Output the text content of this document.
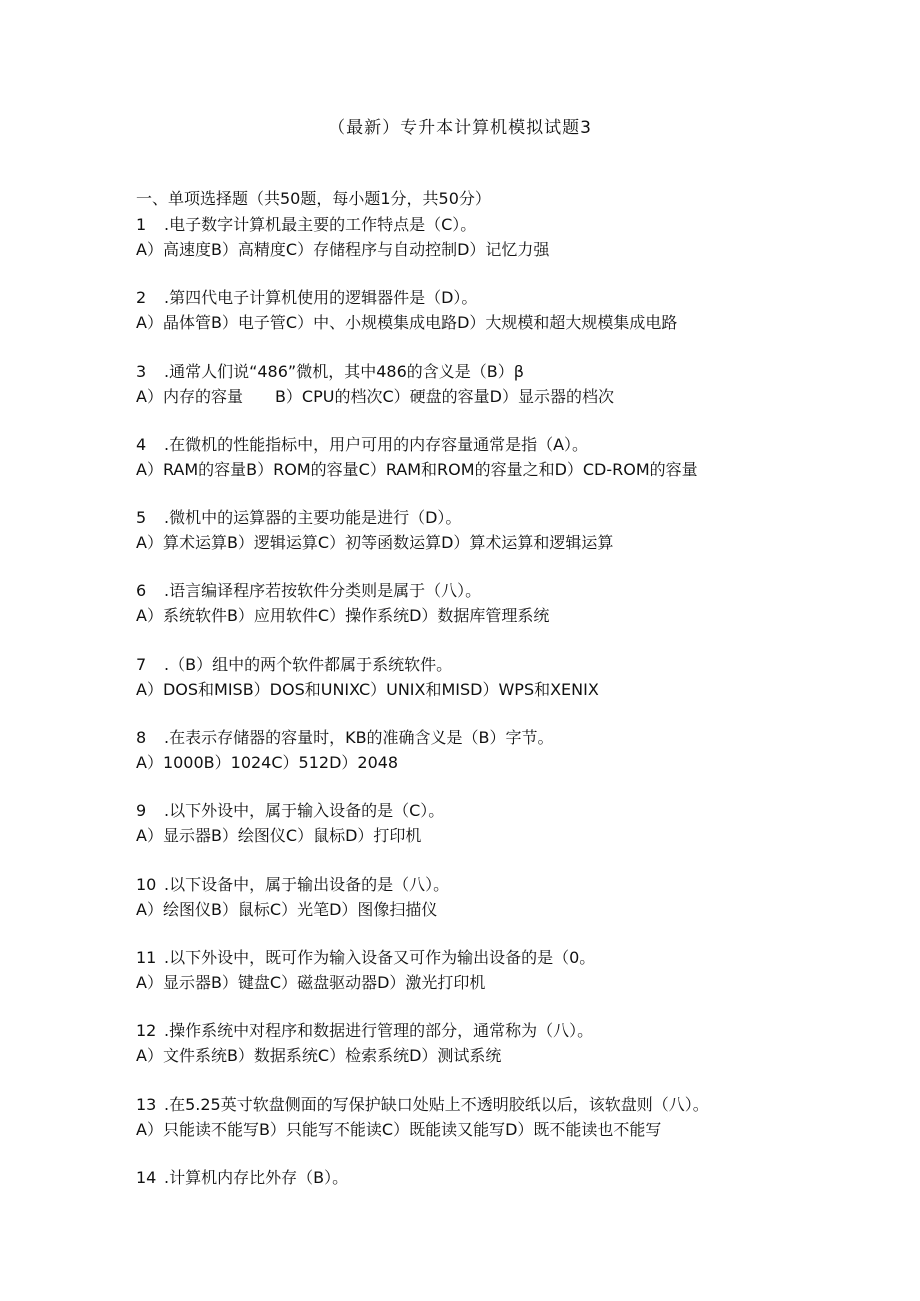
（最新）专升本计算机模拟试题3
一、单项选择题（共50题，每小题1分，共50分）
1 .电子数字计算机最主要的工作特点是（C）。
A）高速度B）高精度C）存储程序与自动控制D）记忆力强
2 .第四代电子计算机使用的逻辑器件是（D）。
A）晶体管B）电子管C）中、小规模集成电路D）大规模和超大规模集成电路
3 .通常人们说“486”微机，其中486的含义是（B）β
A）内存的容量　　B）CPU的档次C）硬盘的容量D）显示器的档次
4 .在微机的性能指标中，用户可用的内存容量通常是指（A）。
A）RAM的容量B）ROM的容量C）RAM和ROM的容量之和D）CD-ROM的容量
5 .微机中的运算器的主要功能是进行（D）。
A）算术运算B）逻辑运算C）初等函数运算D）算术运算和逻辑运算
6 .语言编译程序若按软件分类则是属于（八）。
A）系统软件B）应用软件C）操作系统D）数据库管理系统
7 .（B）组中的两个软件都属于系统软件。
A）DOS和MISB）DOS和UNIXC）UNIX和MISD）WPS和XENIX
8 .在表示存储器的容量时，KB的准确含义是（B）字节。
A）1000B）1024C）512D）2048
9 .以下外设中，属于输入设备的是（C）。
A）显示器B）绘图仪C）鼠标D）打印机
10 .以下设备中，属于输出设备的是（八）。
A）绘图仪B）鼠标C）光笔D）图像扫描仪
11 .以下外设中，既可作为输入设备又可作为输出设备的是（0。
A）显示器B）键盘C）磁盘驱动器D）激光打印机
12 .操作系统中对程序和数据进行管理的部分，通常称为（八）。
A）文件系统B）数据系统C）检索系统D）测试系统
13 .在5.25英寸软盘侧面的写保护缺口处贴上不透明胶纸以后，该软盘则（八）。
A）只能读不能写B）只能写不能读C）既能读又能写D）既不能读也不能写
14 .计算机内存比外存（B）。
